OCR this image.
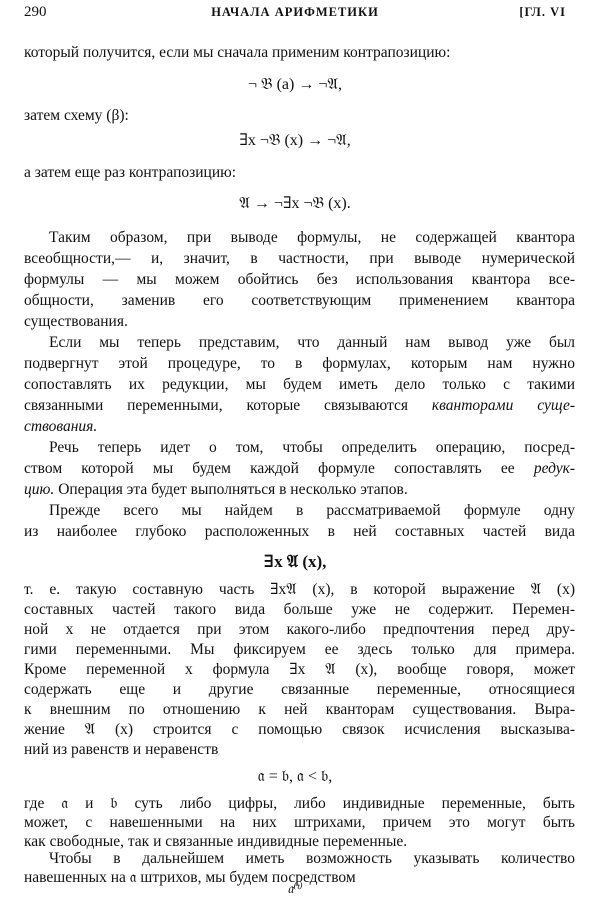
290	НАЧАЛА АРИФМЕТИКИ	[ГЛ. VI
который получится, если мы сначала применим контрапозицию:
¬ 𝔅 (a) → ¬𝔄,
затем схему (β):
∃x ¬𝔅 (x) → ¬𝔄,
а затем еще раз контрапозицию:
𝔄 → ¬∃x ¬𝔅 (x).
Таким образом, при выводе формулы, не содержащей квантора
всеобщности,— и, значит, в частности, при выводе нумерической
формулы — мы можем обойтись без использования квантора все-
общности, заменив его соответствующим применением квантора
существования.
Если мы теперь представим, что данный нам вывод уже был
подвергнут этой процедуре, то в формулах, которым нам нужно
сопоставлять их редукции, мы будем иметь дело только с такими
связанными переменными, которые связываются кванторами суще-
ствования.
Речь теперь идет о том, чтобы определить операцию, посред-
ством которой мы будем каждой формуле сопоставлять ее редук-
цию. Операция эта будет выполняться в несколько этапов.
Прежде всего мы найдем в рассматриваемой формуле одну
из наиболее глубоко расположенных в ней составных частей вида
∃x 𝔄 (x),
т. е. такую составную часть ∃x𝔄 (x), в которой выражение 𝔄 (x)
составных частей такого вида больше уже не содержит. Перемен-
ной x не отдается при этом какого-либо предпочтения перед дру-
гими переменными. Мы фиксируем ее здесь только для примера.
Кроме переменной x формула ∃x 𝔄 (x), вообще говоря, может
содержать еще и другие связанные переменные, относящиеся
к внешним по отношению к ней кванторам существования. Выра-
жение 𝔄 (x) строится с помощью связок исчисления высказыва-
ний из равенств и неравенств
𝔞 = 𝔟, 𝔞 < 𝔟,
где 𝔞 и 𝔟 суть либо цифры, либо индивидные переменные, быть
может, с навешенными на них штрихами, причем это могут быть
как свободные, так и связанные индивидные переменные.
Чтобы в дальнейшем иметь возможность указывать количество
навешенных на 𝔞 штрихов, мы будем посредством
𝔞⁽ᵗ⁾
